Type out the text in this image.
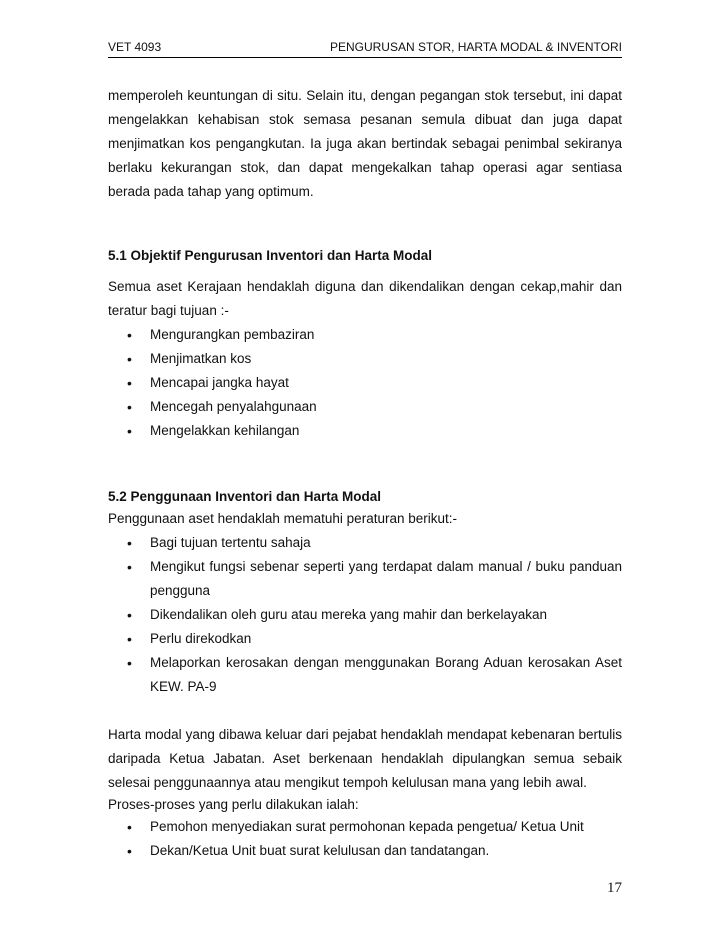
VET 4093	PENGURUSAN STOR, HARTA MODAL & INVENTORI

memperoleh keuntungan di situ. Selain itu, dengan pegangan stok tersebut, ini dapat mengelakkan kehabisan stok semasa pesanan semula dibuat dan juga dapat menjimatkan kos pengangkutan. Ia juga akan bertindak sebagai penimbal sekiranya berlaku kekurangan stok, dan dapat mengekalkan tahap operasi agar sentiasa berada pada tahap yang optimum.

5.1 Objektif Pengurusan Inventori dan Harta Modal

Semua aset Kerajaan hendaklah diguna dan dikendalikan dengan cekap,mahir dan teratur bagi tujuan :-

• Mengurangkan pembaziran
• Menjimatkan kos
• Mencapai jangka hayat
• Mencegah penyalahgunaan
• Mengelakkan kehilangan
5.2 Penggunaan Inventori dan Harta Modal

Penggunaan aset hendaklah mematuhi peraturan berikut:-

• Bagi tujuan tertentu sahaja
• Mengikut fungsi sebenar seperti yang terdapat dalam manual / buku panduan pengguna
• Dikendalikan oleh guru atau mereka yang mahir dan berkelayakan
• Perlu direkodkan
• Melaporkan kerosakan dengan menggunakan Borang Aduan kerosakan Aset KEW. PA-9

Harta modal yang dibawa keluar dari pejabat hendaklah mendapat kebenaran bertulis daripada Ketua Jabatan. Aset berkenaan hendaklah dipulangkan semua sebaik selesai penggunaannya atau mengikut tempoh kelulusan mana yang lebih awal.

Proses-proses yang perlu dilakukan ialah:

• Pemohon menyediakan surat permohonan kepada pengetua/ Ketua Unit
• Dekan/Ketua Unit buat surat kelulusan dan tandatangan.
17
